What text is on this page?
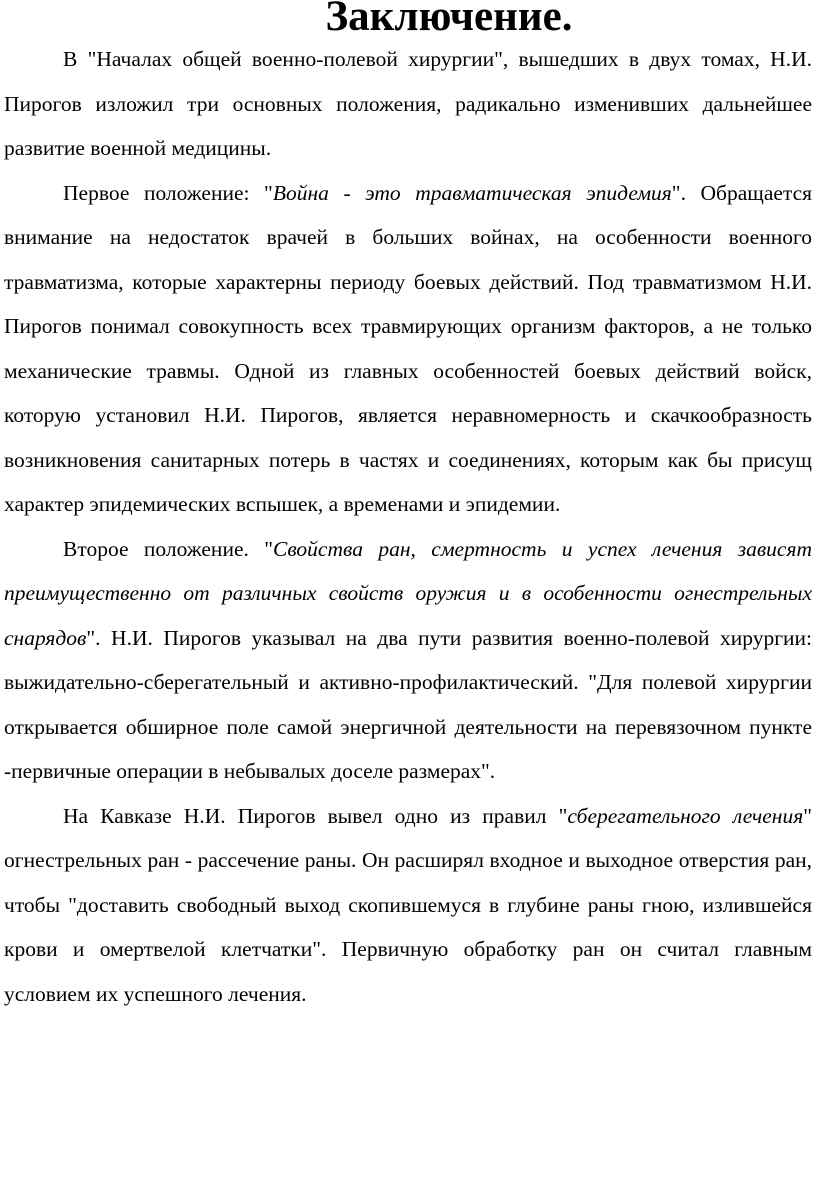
Заключение.

В "Началах общей военно-полевой хирургии", вышедших в двух томах, Н.И. Пирогов изложил три основных положения, радикально изменивших дальнейшее развитие военной медицины.

Первое положение: "Война - это травматическая эпидемия". Обращается внимание на недостаток врачей в больших войнах, на особенности военного травматизма, которые характерны периоду боевых действий. Под травматизмом Н.И. Пирогов понимал совокупность всех травмирующих организм факторов, а не только механические травмы. Одной из главных особенностей боевых действий войск, которую установил Н.И. Пирогов, является неравномерность и скачкообразность возникновения санитарных потерь в частях и соединениях, которым как бы присущ характер эпидемических вспышек, а временами и эпидемии.

Второе положение. "Свойства ран, смертность и успех лечения зависят преимущественно от различных свойств оружия и в особенности огнестрельных снарядов". Н.И. Пирогов указывал на два пути развития военно-полевой хирургии: выжидательно-сберегательный и активно-профилактический. "Для полевой хирургии открывается обширное поле самой энергичной деятельности на перевязочном пункте -первичные операции в небывалых доселе размерах".

На Кавказе Н.И. Пирогов вывел одно из правил "сберегательного лечения" огнестрельных ран - рассечение раны. Он расширял входное и выходное отверстия ран, чтобы "доставить свободный выход скопившемуся в глубине раны гною, излившейся крови и омертвелой клетчатки". Первичную обработку ран он считал главным условием их успешного лечения.
